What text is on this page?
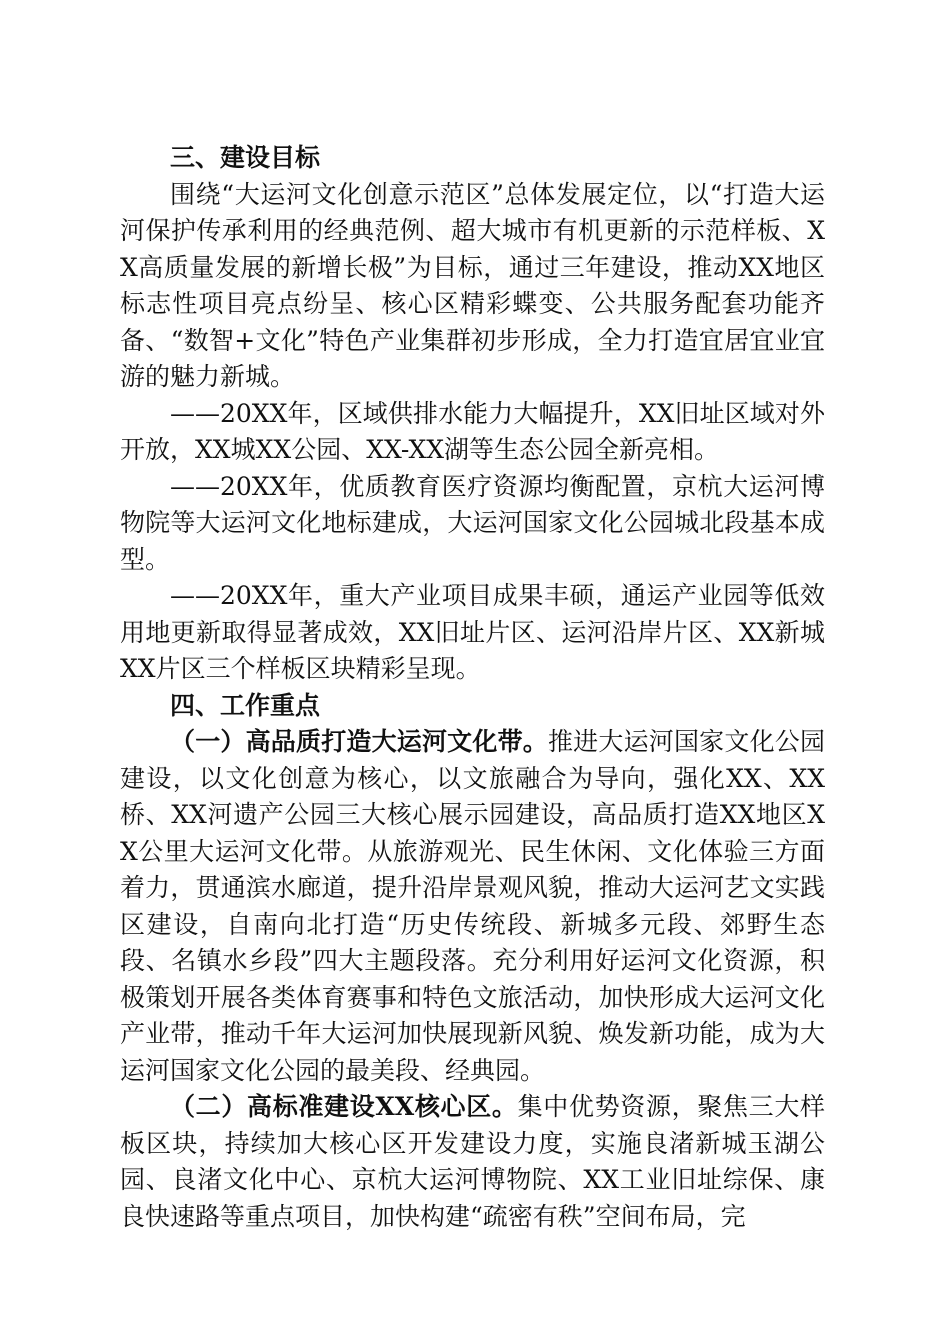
三、建设目标

围绕“大运河文化创意示范区”总体发展定位，以“打造大运河保护传承利用的经典范例、超大城市有机更新的示范样板、XX高质量发展的新增长极”为目标，通过三年建设，推动XX地区标志性项目亮点纷呈、核心区精彩蝶变、公共服务配套功能齐备、“数智+文化”特色产业集群初步形成，全力打造宜居宜业宜游的魅力新城。

——20XX年，区域供排水能力大幅提升，XX旧址区域对外开放，XX城XX公园、XX-XX湖等生态公园全新亮相。

——20XX年，优质教育医疗资源均衡配置，京杭大运河博物院等大运河文化地标建成，大运河国家文化公园城北段基本成型。

——20XX年，重大产业项目成果丰硕，通运产业园等低效用地更新取得显著成效，XX旧址片区、运河沿岸片区、XX新城XX片区三个样板区块精彩呈现。

四、工作重点

（一）高品质打造大运河文化带。推进大运河国家文化公园建设，以文化创意为核心，以文旅融合为导向，强化XX、XX桥、XX河遗产公园三大核心展示园建设，高品质打造XX地区XX公里大运河文化带。从旅游观光、民生休闲、文化体验三方面着力，贯通滨水廊道，提升沿岸景观风貌，推动大运河艺文实践区建设，自南向北打造“历史传统段、新城多元段、郊野生态段、名镇水乡段”四大主题段落。充分利用好运河文化资源，积极策划开展各类体育赛事和特色文旅活动，加快形成大运河文化产业带，推动千年大运河加快展现新风貌、焕发新功能，成为大运河国家文化公园的最美段、经典园。

（二）高标准建设XX核心区。集中优势资源，聚焦三大样板区块，持续加大核心区开发建设力度，实施良渚新城玉湖公园、良渚文化中心、京杭大运河博物院、XX工业旧址综保、康良快速路等重点项目，加快构建“疏密有秩”空间布局，完
